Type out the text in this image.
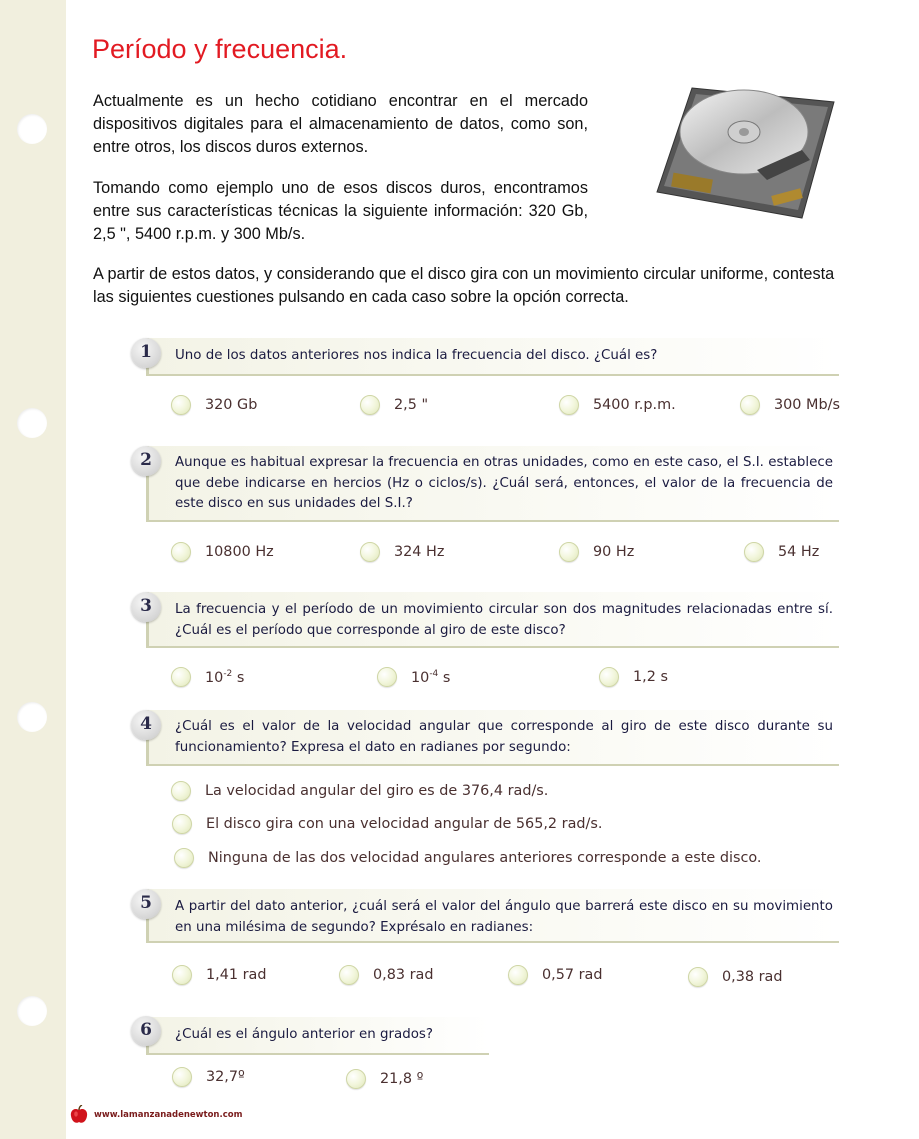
Período y frecuencia.

Actualmente es un hecho cotidiano encontrar en el mercado dispositivos digitales para el almacenamiento de datos, como son, entre otros, los discos duros externos.

Tomando como ejemplo uno de esos discos duros, encontramos entre sus características técnicas la siguiente información: 320 Gb, 2,5 ", 5400 r.p.m. y 300 Mb/s.

A partir de estos datos, y considerando que el disco gira con un movimiento circular uniforme, contesta las siguientes cuestiones pulsando en cada caso sobre la opción correcta.

1	Uno de los datos anteriores nos indica la frecuencia del disco. ¿Cuál es?

320 Gb	2,5 "	5400 r.p.m.	300 Mb/s
2	Aunque es habitual expresar la frecuencia en otras unidades, como en este caso, el S.I. establece que debe indicarse en hercios (Hz o ciclos/s). ¿Cuál será, entonces, el valor de la frecuencia de este disco en sus unidades del S.I.?

10800 Hz	324 Hz	90 Hz	54 Hz
3	La frecuencia y el período de un movimiento circular son dos magnitudes relacionadas entre sí. ¿Cuál es el período que corresponde al giro de este disco?

$10^{-2}$ s	$10^{-4}$ s	1,2 s
4	¿Cuál es el valor de la velocidad angular que corresponde al giro de este disco durante su funcionamiento? Expresa el dato en radianes por segundo:

La velocidad angular del giro es de 376,4 rad/s.
El disco gira con una velocidad angular de 565,2 rad/s.
Ninguna de las dos velocidad angulares anteriores corresponde a este disco.
5	A partir del dato anterior, ¿cuál será el valor del ángulo que barrerá este disco en su movimiento en una milésima de segundo? Exprésalo en radianes:

1,41 rad	0,83 rad	0,57 rad	0,38 rad
6	¿Cuál es el ángulo anterior en grados?

32,7º	21,8 º
www.lamanzanadenewton.com
